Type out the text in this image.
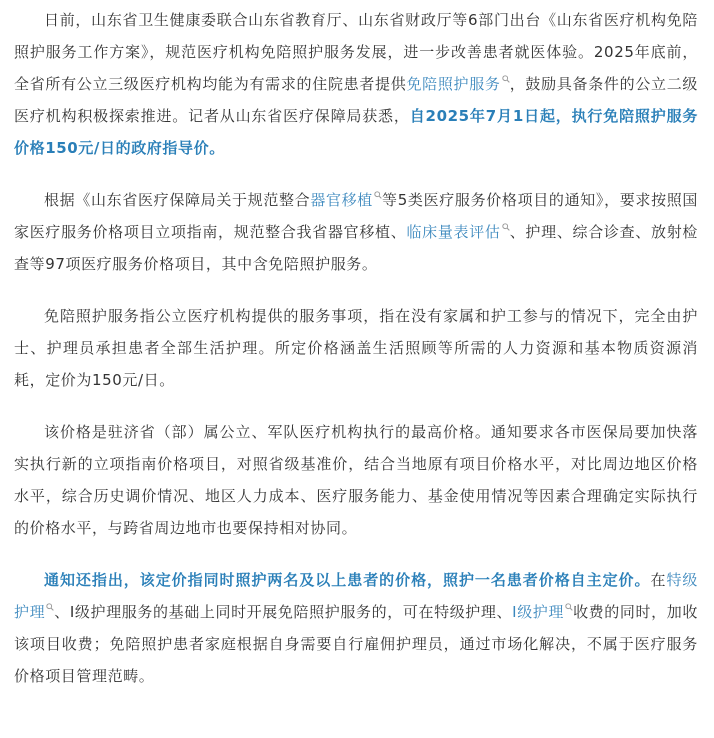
日前，山东省卫生健康委联合山东省教育厅、山东省财政厅等6部门出台《山东省医疗机构免陪照护服务工作方案》，规范医疗机构免陪照护服务发展，进一步改善患者就医体验。2025年底前，全省所有公立三级医疗机构均能为有需求的住院患者提供免陪照护服务 ，鼓励具备条件的公立二级医疗机构积极探索推进。记者从山东省医疗保障局获悉，自2025年7月1日起，执行免陪照护服务价格150元/日的政府指导价。

根据《山东省医疗保障局关于规范整合器官移植 等5类医疗服务价格项目的通知》，要求按照国家医疗服务价格项目立项指南，规范整合我省器官移植、临床量表评估 、护理、综合诊查、放射检查等97项医疗服务价格项目，其中含免陪照护服务。

免陪照护服务指公立医疗机构提供的服务事项，指在没有家属和护工参与的情况下，完全由护士、护理员承担患者全部生活护理。所定价格涵盖生活照顾等所需的人力资源和基本物质资源消耗，定价为150元/日。

该价格是驻济省（部）属公立、军队医疗机构执行的最高价格。通知要求各市医保局要加快落实执行新的立项指南价格项目，对照省级基准价，结合当地原有项目价格水平，对比周边地区价格水平，综合历史调价情况、地区人力成本、医疗服务能力、基金使用情况等因素合理确定实际执行的价格水平，与跨省周边地市也要保持相对协同。

通知还指出，该定价指同时照护两名及以上患者的价格，照护一名患者价格自主定价。在特级护理 、I级护理服务的基础上同时开展免陪照护服务的，可在特级护理、I级护理 收费的同时，加收该项目收费；免陪照护患者家庭根据自身需要自行雇佣护理员，通过市场化解决，不属于医疗服务价格项目管理范畴。
